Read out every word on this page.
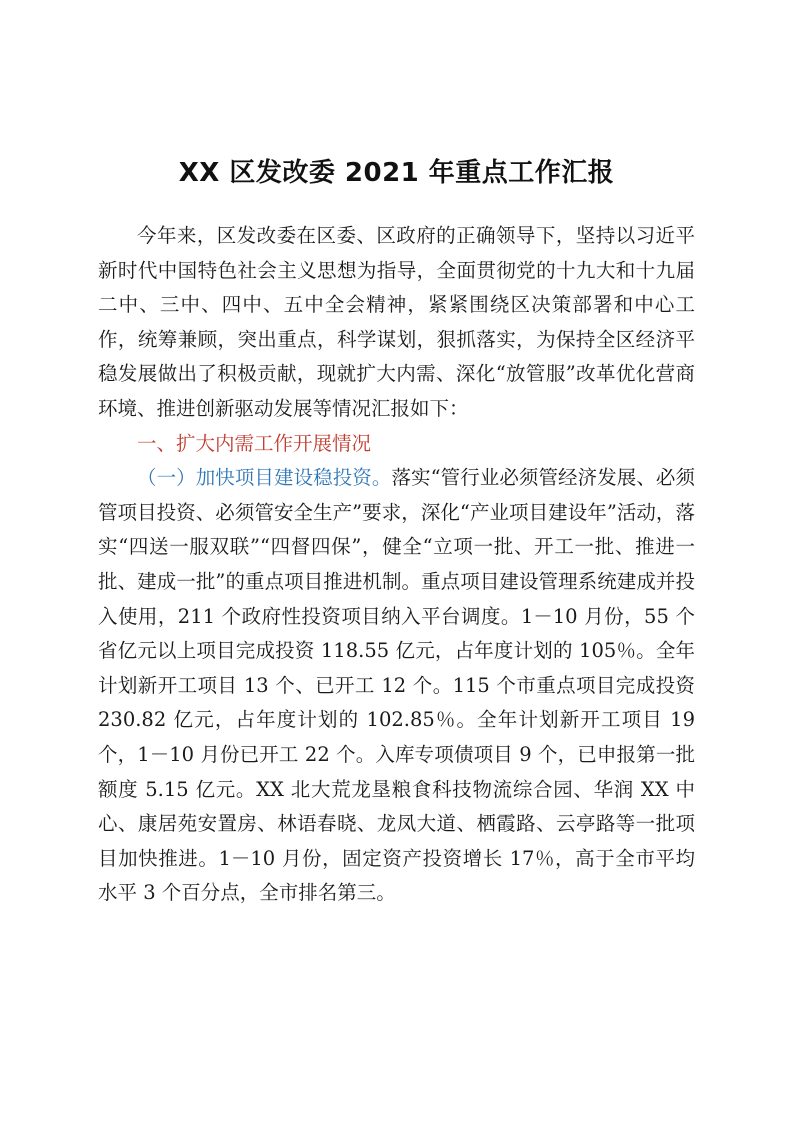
XX 区发改委 2021 年重点工作汇报

今年来，区发改委在区委、区政府的正确领导下，坚持以习近平新时代中国特色社会主义思想为指导，全面贯彻党的十九大和十九届二中、三中、四中、五中全会精神，紧紧围绕区决策部署和中心工作，统筹兼顾，突出重点，科学谋划，狠抓落实，为保持全区经济平稳发展做出了积极贡献，现就扩大内需、深化“放管服”改革优化营商环境、推进创新驱动发展等情况汇报如下：

一、扩大内需工作开展情况

（一）加快项目建设稳投资。落实“管行业必须管经济发展、必须管项目投资、必须管安全生产”要求，深化“产业项目建设年”活动，落实“四送一服双联”“四督四保”，健全“立项一批、开工一批、推进一批、建成一批”的重点项目推进机制。重点项目建设管理系统建成并投入使用，211 个政府性投资项目纳入平台调度。1－10 月份，55 个省亿元以上项目完成投资 118.55 亿元，占年度计划的 105％。全年计划新开工项目 13 个、已开工 12 个。115 个市重点项目完成投资 230.82 亿元，占年度计划的 102.85％。全年计划新开工项目 19 个，1－10 月份已开工 22 个。入库专项债项目 9 个，已申报第一批额度 5.15 亿元。XX 北大荒龙垦粮食科技物流综合园、华润 XX 中心、康居苑安置房、林语春晓、龙凤大道、栖霞路、云亭路等一批项目加快推进。1－10 月份，固定资产投资增长 17％，高于全市平均水平 3 个百分点，全市排名第三。
